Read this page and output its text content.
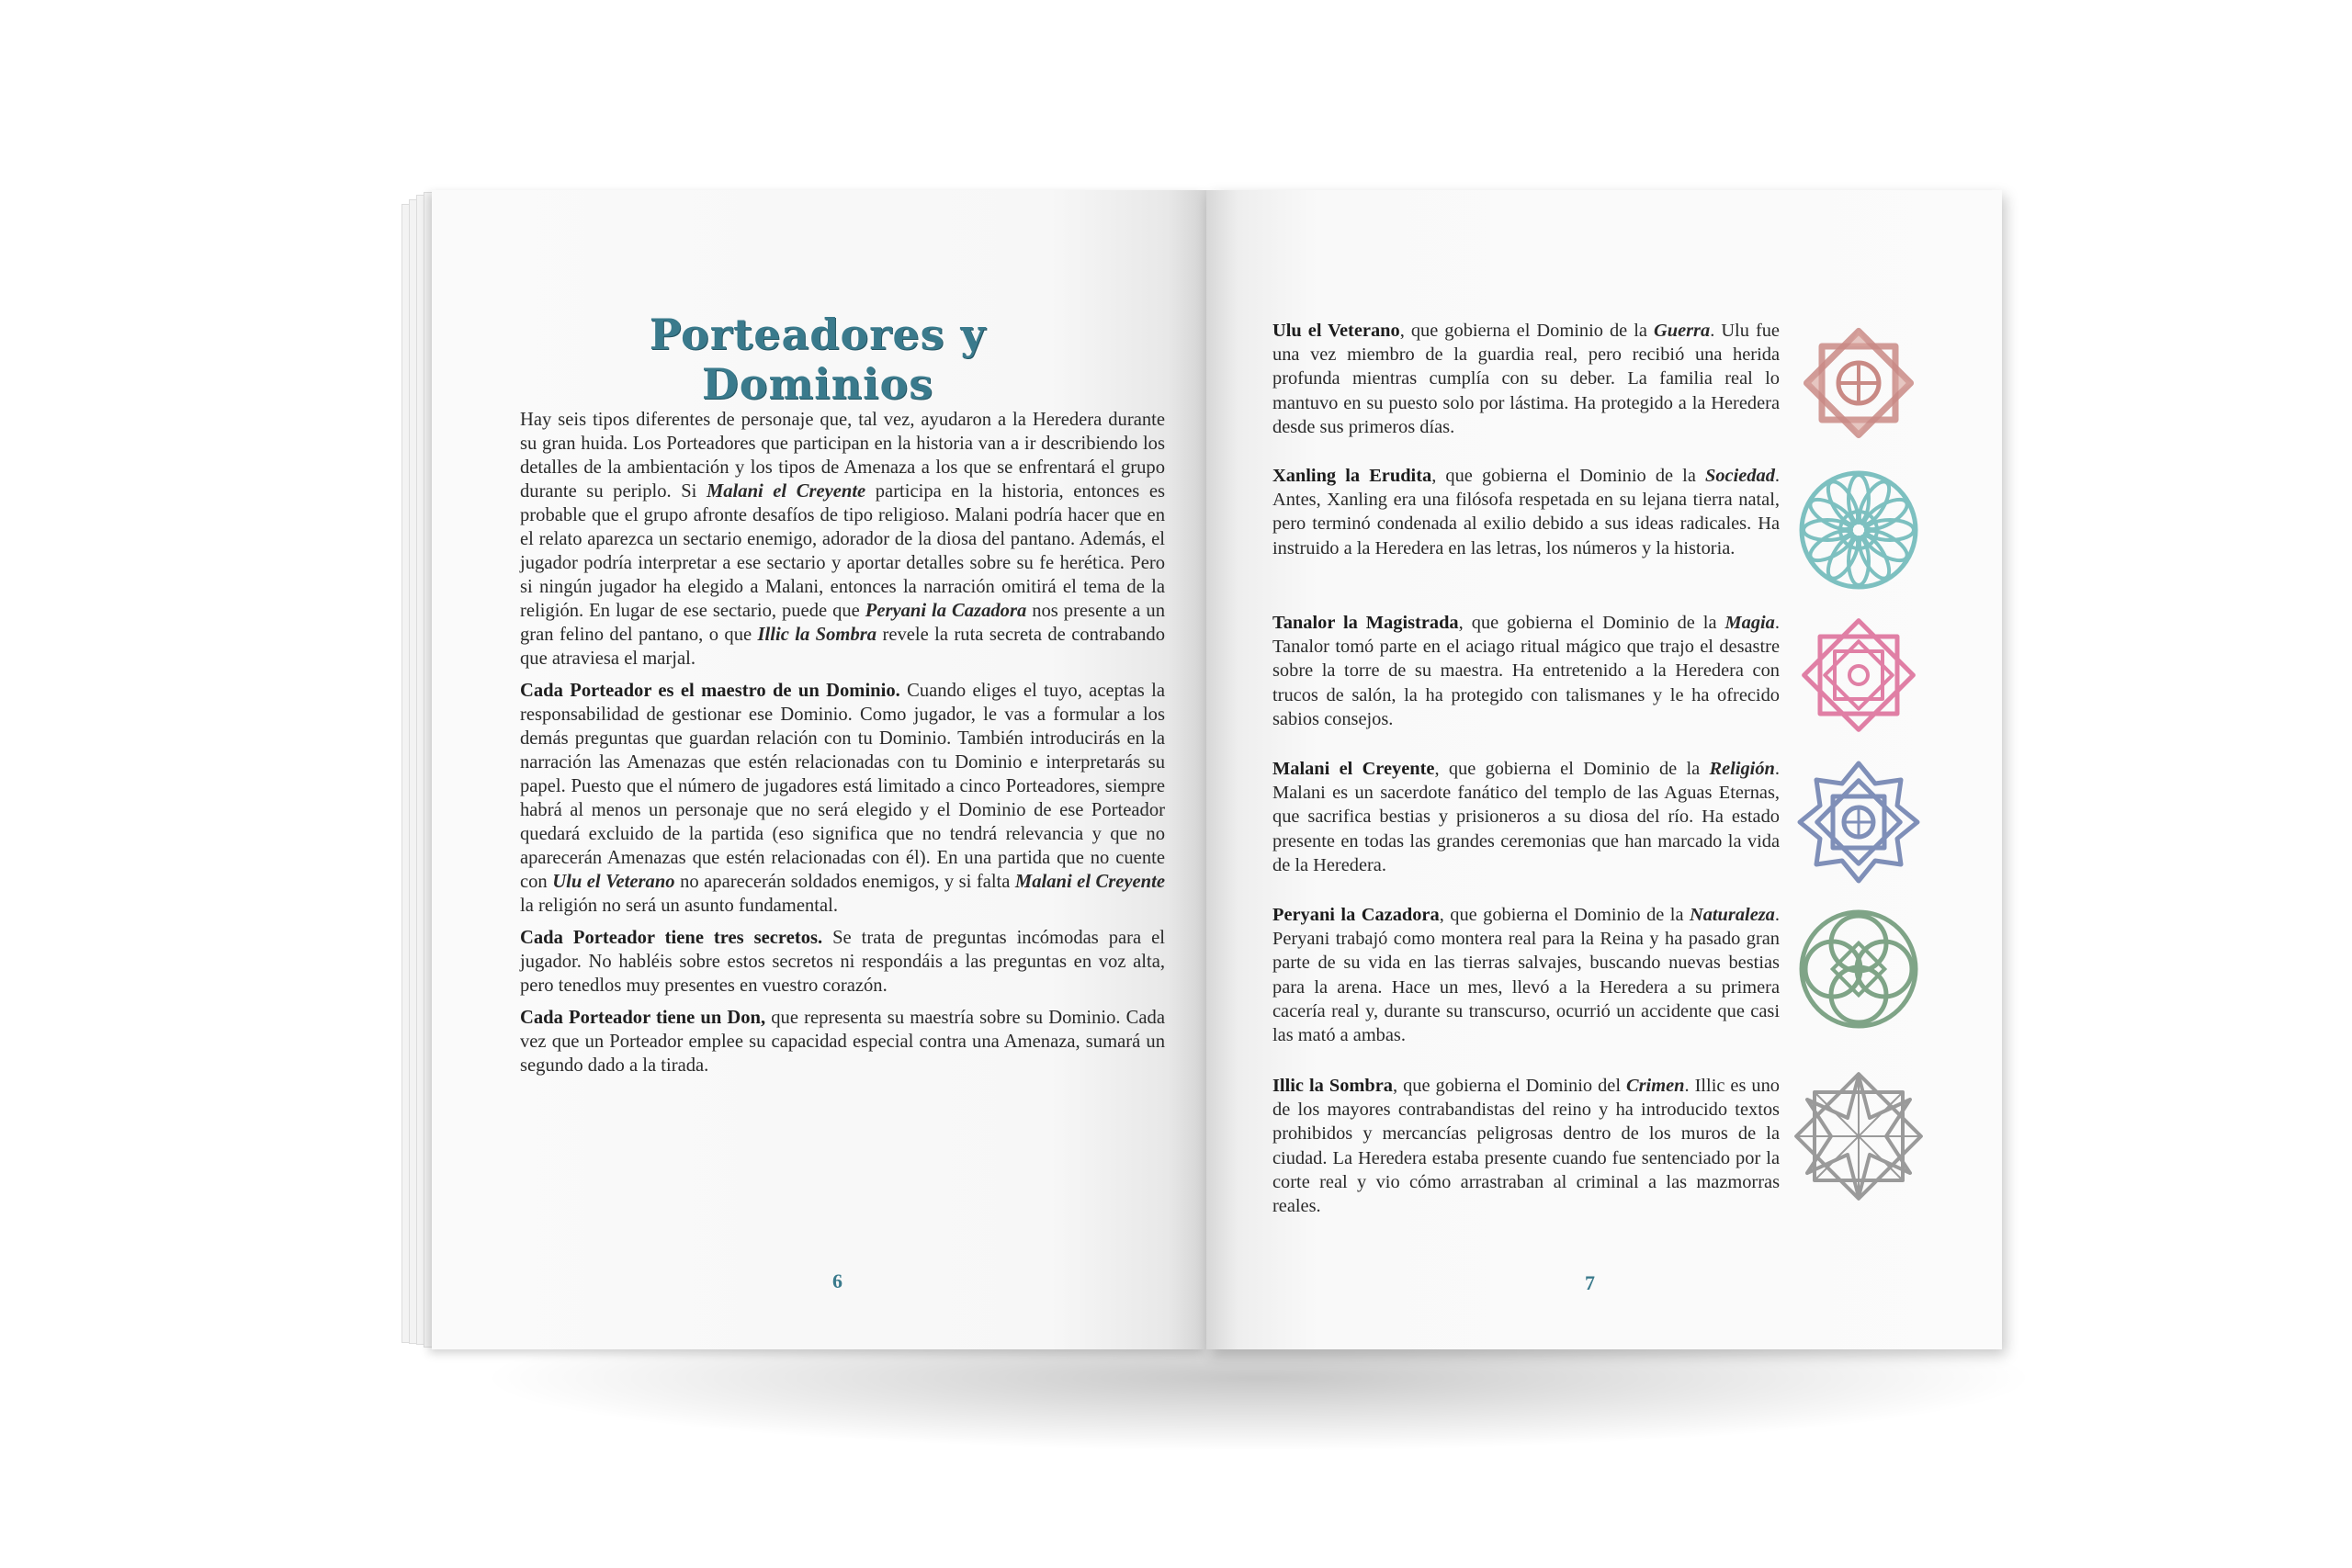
Porteadores y Dominios

Hay seis tipos diferentes de personaje que, tal vez, ayudaron a la Heredera durante su gran huida. Los Porteadores que participan en la historia van a ir describiendo los detalles de la ambientación y los tipos de Amenaza a los que se enfrentará el grupo durante su periplo. Si Malani el Creyente participa en la historia, entonces es probable que el grupo afronte desafíos de tipo religioso. Malani podría hacer que en el relato aparezca un sectario enemigo, adorador de la diosa del pantano. Además, el jugador podría interpretar a ese sectario y aportar detalles sobre su fe herética. Pero si ningún jugador ha elegido a Malani, entonces la narración omitirá el tema de la religión. En lugar de ese sectario, puede que Peryani la Cazadora nos presente a un gran felino del pantano, o que Illic la Sombra revele la ruta secreta de contrabando que atraviesa el marjal.

Cada Porteador es el maestro de un Dominio. Cuando eliges el tuyo, aceptas la responsabilidad de gestionar ese Dominio. Como jugador, le vas a formular a los demás preguntas que guardan relación con tu Dominio. También introducirás en la narración las Amenazas que estén relacionadas con tu Dominio e interpretarás su papel. Puesto que el número de jugadores está limitado a cinco Porteadores, siempre habrá al menos un personaje que no será elegido y el Dominio de ese Porteador quedará excluido de la partida (eso significa que no tendrá relevancia y que no aparecerán Amenazas que estén relacionadas con él). En una partida que no cuente con Ulu el Veterano no aparecerán soldados enemigos, y si falta Malani el Creyente la religión no será un asunto fundamental.

Cada Porteador tiene tres secretos. Se trata de preguntas incómodas para el jugador. No habléis sobre estos secretos ni respondáis a las preguntas en voz alta, pero tenedlos muy presentes en vuestro corazón.

Cada Porteador tiene un Don, que representa su maestría sobre su Dominio. Cada vez que un Porteador emplee su capacidad especial contra una Amenaza, sumará un segundo dado a la tirada.

6
Ulu el Veterano, que gobierna el Dominio de la Guerra. Ulu fue una vez miembro de la guardia real, pero recibió una herida profunda mientras cumplía con su deber. La familia real lo mantuvo en su puesto solo por lástima. Ha protegido a la Heredera desde sus primeros días.
Xanling la Erudita, que gobierna el Dominio de la Sociedad. Antes, Xanling era una filósofa respetada en su lejana tierra natal, pero terminó condenada al exilio debido a sus ideas radicales. Ha instruido a la Heredera en las letras, los números y la historia.
Tanalor la Magistrada, que gobierna el Dominio de la Magia. Tanalor tomó parte en el aciago ritual mágico que trajo el desastre sobre la torre de su maestra. Ha entretenido a la Heredera con trucos de salón, la ha protegido con talismanes y le ha ofrecido sabios consejos.
Malani el Creyente, que gobierna el Dominio de la Religión. Malani es un sacerdote fanático del templo de las Aguas Eternas, que sacrifica bestias y prisioneros a su diosa del río. Ha estado presente en todas las grandes ceremonias que han marcado la vida de la Heredera.
Peryani la Cazadora, que gobierna el Dominio de la Naturaleza. Peryani trabajó como montera real para la Reina y ha pasado gran parte de su vida en las tierras salvajes, buscando nuevas bestias para la arena. Hace un mes, llevó a la Heredera a su primera cacería real y, durante su transcurso, ocurrió un accidente que casi las mató a ambas.
Illic la Sombra, que gobierna el Dominio del Crimen. Illic es uno de los mayores contrabandistas del reino y ha introducido textos prohibidos y mercancías peligrosas dentro de los muros de la ciudad. La Heredera estaba presente cuando fue sentenciado por la corte real y vio cómo arrastraban al criminal a las mazmorras reales.
7
